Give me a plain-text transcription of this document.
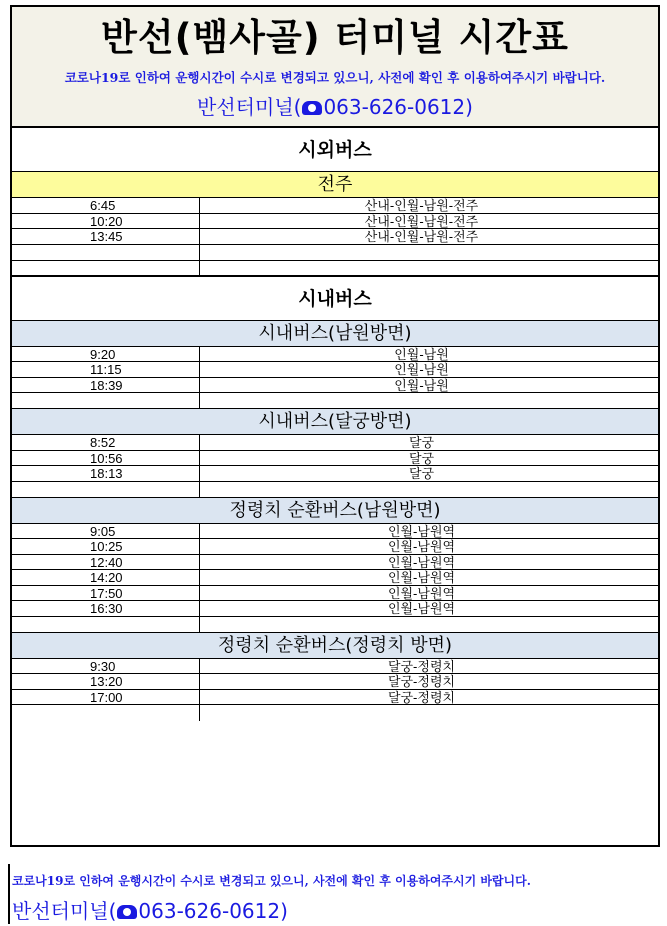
반선(뱀사골) 터미널 시간표
코로나19로 인하여 운행시간이 수시로 변경되고 있으니, 사전에 확인 후 이용하여주시기 바랍니다.
반선터미널( 063-626-0612)
시외버스
전주
6:45	산내-인월-남원-전주
10:20	산내-인월-남원-전주
13:45	산내-인월-남원-전주
시내버스
시내버스(남원방면)
9:20	인월-남원
11:15	인월-남원
18:39	인월-남원
시내버스(달궁방면)
8:52	달궁
10:56	달궁
18:13	달궁
정령치 순환버스(남원방면)
9:05	인월-남원역
10:25	인월-남원역
12:40	인월-남원역
14:20	인월-남원역
17:50	인월-남원역
16:30	인월-남원역
정령치 순환버스(정령치 방면)
9:30	달궁-정령치
13:20	달궁-정령치
17:00	달궁-정령치
코로나19로 인하여 운행시간이 수시로 변경되고 있으니, 사전에 확인 후 이용하여주시기 바랍니다.
반선터미널( 063-626-0612)
